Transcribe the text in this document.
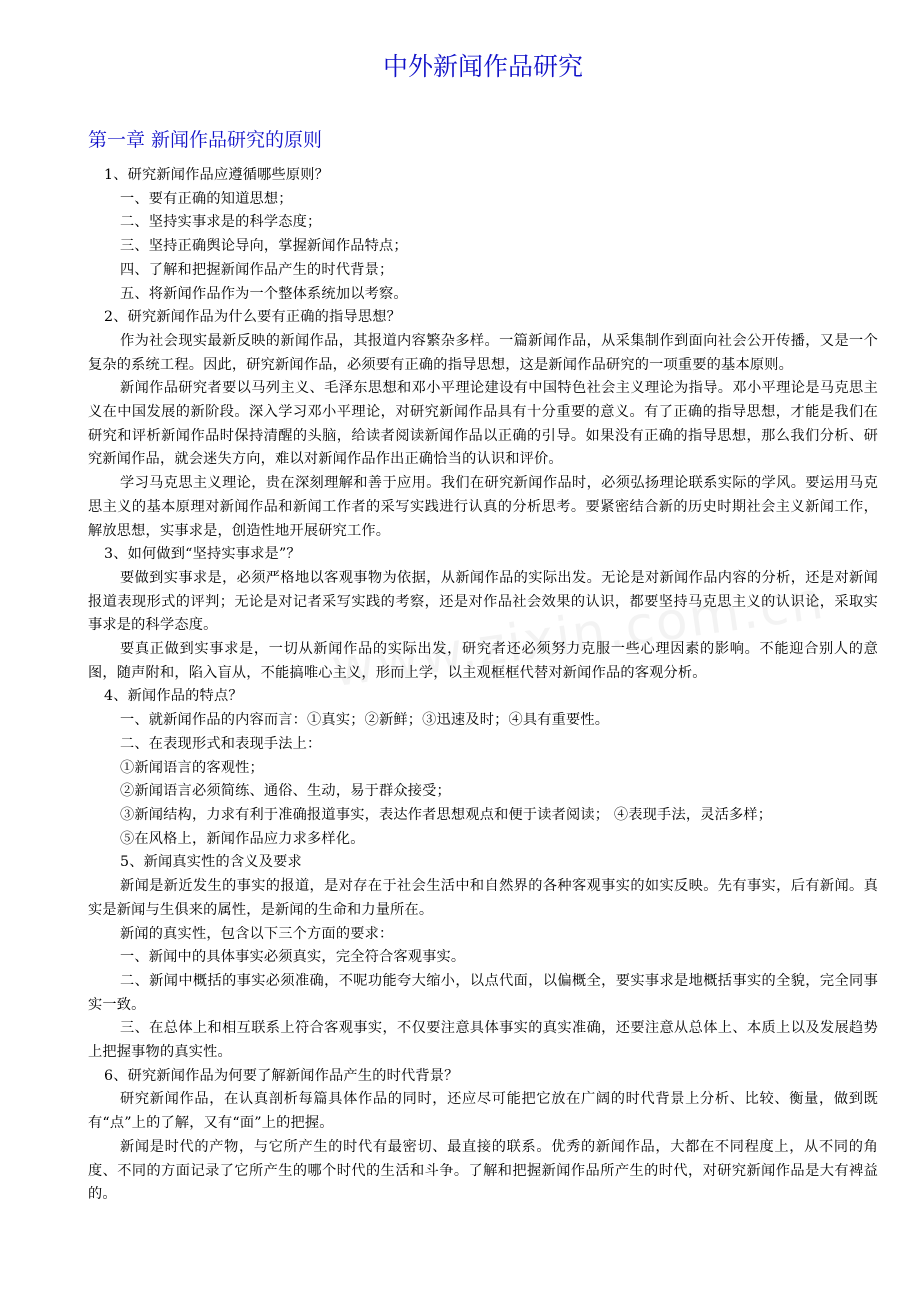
中外新闻作品研究
第一章 新闻作品研究的原则

1、研究新闻作品应遵循哪些原则？

一、要有正确的知道思想；

二、坚持实事求是的科学态度；

三、坚持正确舆论导向，掌握新闻作品特点；

四、了解和把握新闻作品产生的时代背景；

五、将新闻作品作为一个整体系统加以考察。

2、研究新闻作品为什么要有正确的指导思想？

作为社会现实最新反映的新闻作品，其报道内容繁杂多样。一篇新闻作品，从采集制作到面向社会公开传播，又是一个复杂的系统工程。因此，研究新闻作品，必须要有正确的指导思想，这是新闻作品研究的一项重要的基本原则。

新闻作品研究者要以马列主义、毛泽东思想和邓小平理论建设有中国特色社会主义理论为指导。邓小平理论是马克思主义在中国发展的新阶段。深入学习邓小平理论，对研究新闻作品具有十分重要的意义。有了正确的指导思想，才能是我们在研究和评析新闻作品时保持清醒的头脑，给读者阅读新闻作品以正确的引导。如果没有正确的指导思想，那么我们分析、研究新闻作品，就会迷失方向，难以对新闻作品作出正确恰当的认识和评价。

学习马克思主义理论，贵在深刻理解和善于应用。我们在研究新闻作品时，必须弘扬理论联系实际的学风。要运用马克思主义的基本原理对新闻作品和新闻工作者的采写实践进行认真的分析思考。要紧密结合新的历史时期社会主义新闻工作，解放思想，实事求是，创造性地开展研究工作。

3、如何做到“坚持实事求是”？

要做到实事求是，必须严格地以客观事物为依据，从新闻作品的实际出发。无论是对新闻作品内容的分析，还是对新闻报道表现形式的评判；无论是对记者采写实践的考察，还是对作品社会效果的认识，都要坚持马克思主义的认识论，采取实事求是的科学态度。

要真正做到实事求是，一切从新闻作品的实际出发，研究者还必须努力克服一些心理因素的影响。不能迎合别人的意图，随声附和，陷入盲从，不能搞唯心主义，形而上学，以主观框框代替对新闻作品的客观分析。

4、新闻作品的特点？

一、就新闻作品的内容而言：①真实；②新鲜；③迅速及时；④具有重要性。

二、在表现形式和表现手法上：

①新闻语言的客观性；

②新闻语言必须简练、通俗、生动，易于群众接受；

③新闻结构，力求有利于准确报道事实，表达作者思想观点和便于读者阅读； ④表现手法，灵活多样；

⑤在风格上，新闻作品应力求多样化。

5、新闻真实性的含义及要求

新闻是新近发生的事实的报道，是对存在于社会生活中和自然界的各种客观事实的如实反映。先有事实，后有新闻。真实是新闻与生俱来的属性，是新闻的生命和力量所在。

新闻的真实性，包含以下三个方面的要求：

一、新闻中的具体事实必须真实，完全符合客观事实。

二、新闻中概括的事实必须准确，不呢功能夸大缩小，以点代面，以偏概全，要实事求是地概括事实的全貌，完全同事实一致。

三、在总体上和相互联系上符合客观事实，不仅要注意具体事实的真实准确，还要注意从总体上、本质上以及发展趋势上把握事物的真实性。

6、研究新闻作品为何要了解新闻作品产生的时代背景？

研究新闻作品，在认真剖析每篇具体作品的同时，还应尽可能把它放在广阔的时代背景上分析、比较、衡量，做到既有“点”上的了解，又有“面”上的把握。

新闻是时代的产物，与它所产生的时代有最密切、最直接的联系。优秀的新闻作品，大都在不同程度上，从不同的角度、不同的方面记录了它所产生的哪个时代的生活和斗争。了解和把握新闻作品所产生的时代，对研究新闻作品是大有裨益的。
